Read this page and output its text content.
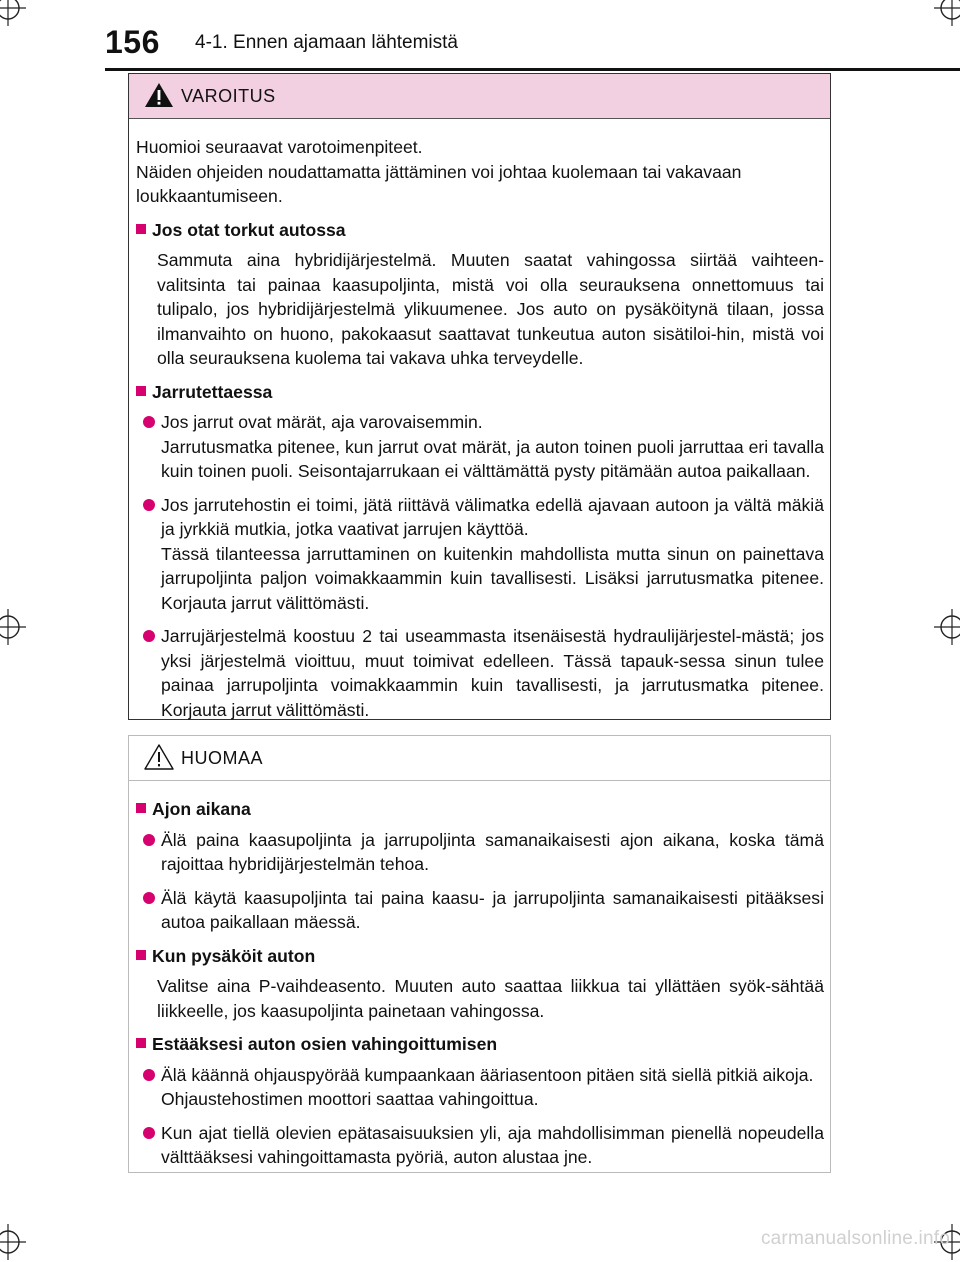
156 4-1. Ennen ajamaan lähtemistä
VAROITUS

Huomioi seuraavat varotoimenpiteet.
Näiden ohjeiden noudattamatta jättäminen voi johtaa kuolemaan tai vakavaan loukkaantumiseen.

Jos otat torkut autossa

Sammuta aina hybridijärjestelmä. Muuten saatat vahingossa siirtää vaihteen-valitsinta tai painaa kaasupoljinta, mistä voi olla seurauksena onnettomuus tai tulipalo, jos hybridijärjestelmä ylikuumenee. Jos auto on pysäköitynä tilaan, jossa ilmanvaihto on huono, pakokaasut saattavat tunkeutua auton sisätiloi-hin, mistä voi olla seurauksena kuolema tai vakava uhka terveydelle.

Jarrutettaessa
Jos jarrut ovat märät, aja varovaisemmin.
Jarrutusmatka pitenee, kun jarrut ovat märät, ja auton toinen puoli jarruttaa eri tavalla kuin toinen puoli. Seisontajarrukaan ei välttämättä pysty pitämään autoa paikallaan.
Jos jarrutehostin ei toimi, jätä riittävä välimatka edellä ajavaan autoon ja vältä mäkiä ja jyrkkiä mutkia, jotka vaativat jarrujen käyttöä.
Tässä tilanteessa jarruttaminen on kuitenkin mahdollista mutta sinun on painettava jarrupoljinta paljon voimakkaammin kuin tavallisesti. Lisäksi jarrutusmatka pitenee. Korjauta jarrut välittömästi.
Jarrujärjestelmä koostuu 2 tai useammasta itsenäisestä hydraulijärjestel-mästä; jos yksi järjestelmä vioittuu, muut toimivat edelleen. Tässä tapauk-sessa sinun tulee painaa jarrupoljinta voimakkaammin kuin tavallisesti, ja jarrutusmatka pitenee. Korjauta jarrut välittömästi.
HUOMAA
Ajon aikana
Älä paina kaasupoljinta ja jarrupoljinta samanaikaisesti ajon aikana, koska tämä rajoittaa hybridijärjestelmän tehoa.
Älä käytä kaasupoljinta tai paina kaasu- ja jarrupoljinta samanaikaisesti pitääksesi autoa paikallaan mäessä.
Kun pysäköit auton

Valitse aina P-vaihdeasento. Muuten auto saattaa liikkua tai yllättäen syök-sähtää liikkeelle, jos kaasupoljinta painetaan vahingossa.

Estääksesi auton osien vahingoittumisen
Älä käännä ohjauspyörää kumpaankaan ääriasentoon pitäen sitä siellä pitkiä aikoja.
Ohjaustehostimen moottori saattaa vahingoittua.
Kun ajat tiellä olevien epätasaisuuksien yli, aja mahdollisimman pienellä nopeudella välttääksesi vahingoittamasta pyöriä, auton alustaa jne.
carmanualsonline.info
